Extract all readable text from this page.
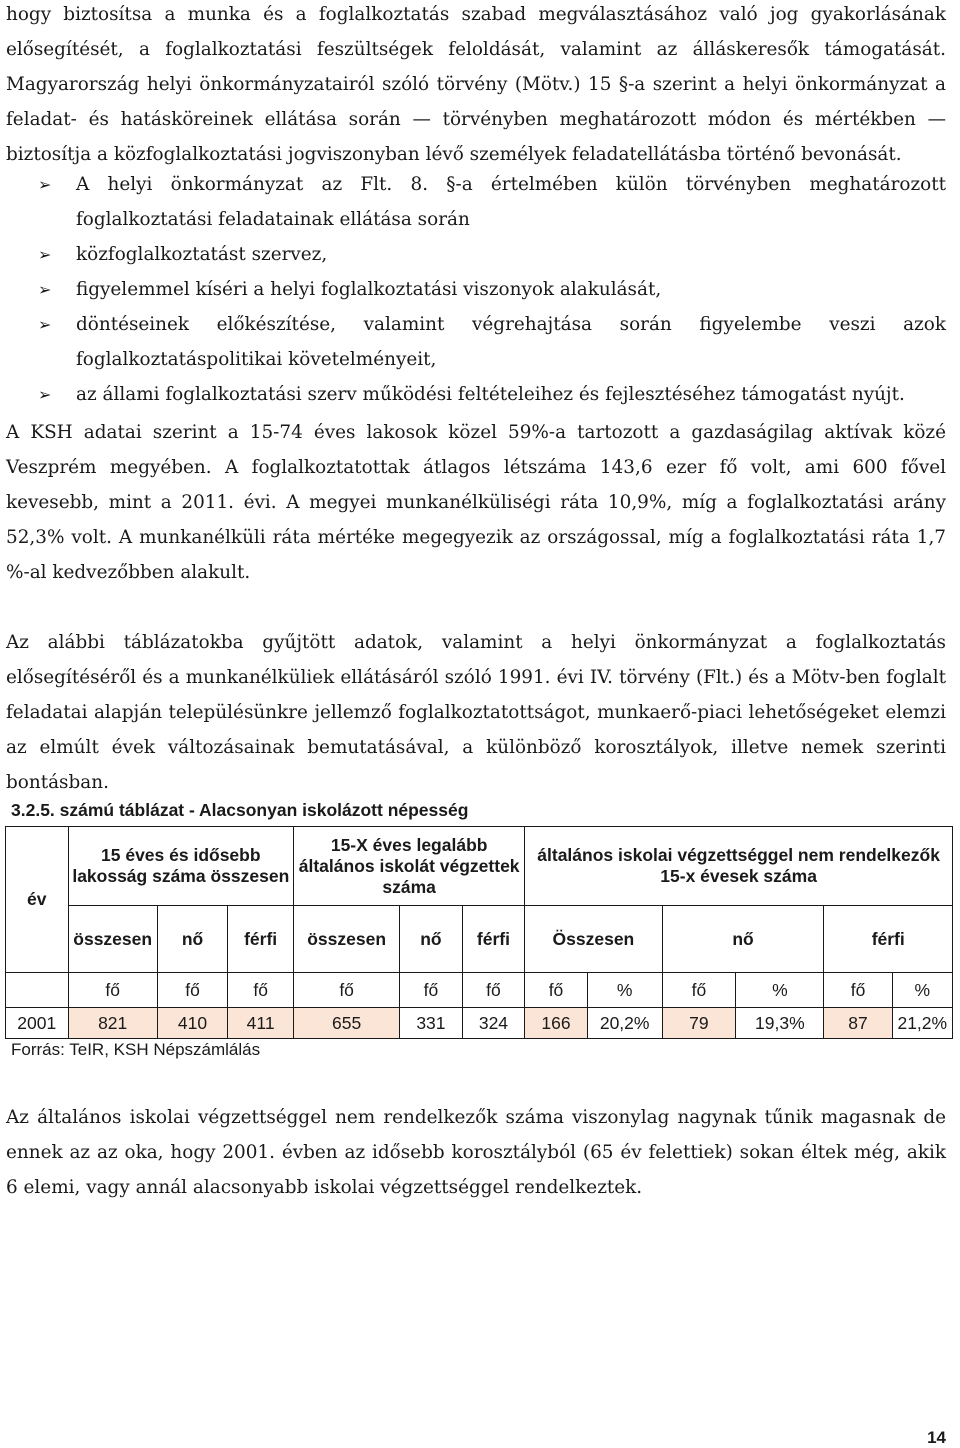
hogy biztosítsa a munka és a foglalkoztatás szabad megválasztásához való jog gyakorlásának elősegítését, a foglalkoztatási feszültségek feloldását, valamint az álláskeresők támogatását. Magyarország helyi önkormányzatairól szóló törvény (Mötv.) 15 §-a szerint a helyi önkormányzat a feladat- és hatásköreinek ellátása során — törvényben meghatározott módon és mértékben — biztosítja a közfoglalkoztatási jogviszonyban lévő személyek feladatellátásba történő bevonását.

➢	A helyi önkormányzat az Flt. 8. §-a értelmében külön törvényben meghatározott foglalkoztatási feladatainak ellátása során
➢	közfoglalkoztatást szervez,
➢	figyelemmel kíséri a helyi foglalkoztatási viszonyok alakulását,
➢	döntéseinek előkészítése, valamint végrehajtása során figyelembe veszi azok foglalkoztatáspolitikai követelményeit,
➢	az állami foglalkoztatási szerv működési feltételeihez és fejlesztéséhez támogatást nyújt.

A KSH adatai szerint a 15-74 éves lakosok közel 59%-a tartozott a gazdaságilag aktívak közé Veszprém megyében. A foglalkoztatottak átlagos létszáma 143,6 ezer fő volt, ami 600 fővel kevesebb, mint a 2011. évi. A megyei munkanélküliségi ráta 10,9%, míg a foglalkoztatási arány 52,3% volt. A munkanélküli ráta mértéke megegyezik az országossal, míg a foglalkoztatási ráta 1,7 %-al kedvezőbben alakult.

Az alábbi táblázatokba gyűjtött adatok, valamint a helyi önkormányzat a foglalkoztatás elősegítéséről és a munkanélküliek ellátásáról szóló 1991. évi IV. törvény (Flt.) és a Mötv-ben foglalt feladatai alapján településünkre jellemző foglalkoztatottságot, munkaerő-piaci lehetőségeket elemzi az elmúlt évek változásainak bemutatásával, a különböző korosztályok, illetve nemek szerinti bontásban.

3.2.5. számú táblázat - Alacsonyan iskolázott népesség
év	15 éves és idősebb lakosság száma összesen			15-X éves legalább általános iskolát végzettek száma			általános iskolai végzettséggel nem rendelkezők 15-x évesek száma					
	összesen	nő	férfi	összesen	nő	férfi	Összesen		nő		férfi	
	fő	fő	fő	fő	fő	fő	fő	%	fő	%	fő	%
2001	821	410	411	655	331	324	166	20,2%	79	19,3%	87	21,2%
Forrás: TeIR, KSH Népszámlálás

Az általános iskolai végzettséggel nem rendelkezők száma viszonylag nagynak tűnik magasnak de ennek az az oka, hogy 2001. évben az idősebb korosztályból (65 év felettiek) sokan éltek még, akik 6 elemi, vagy annál alacsonyabb iskolai végzettséggel rendelkeztek.

14
